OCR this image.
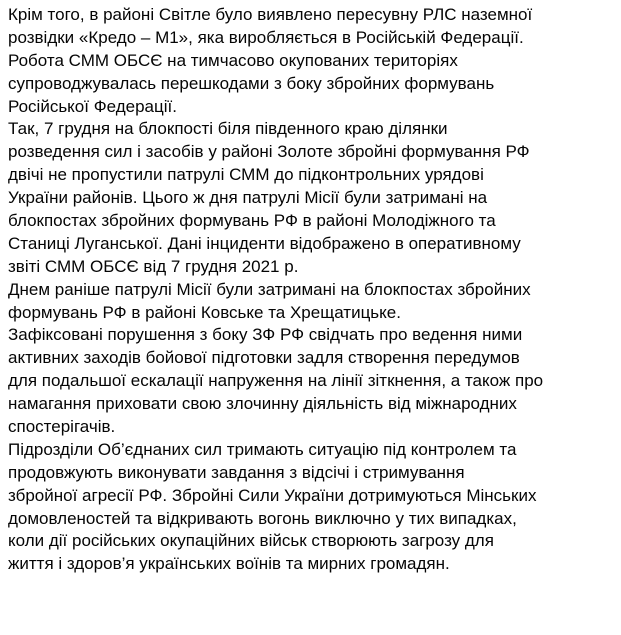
Крім того, в районі Світле було виявлено пересувну РЛС наземної
розвідки «Кредо – М1», яка виробляється в Російській Федерації.
Робота СММ ОБСЄ на тимчасово окупованих територіях
супроводжувалась перешкодами з боку збройних формувань
Російської Федерації.
Так, 7 грудня на блокпості біля південного краю ділянки
розведення сил і засобів у районі Золоте збройні формування РФ
двічі не пропустили патрулі СММ до підконтрольних урядові
України районів. Цього ж дня патрулі Місії були затримані на
блокпостах збройних формувань РФ в районі Молодіжного та
Станиці Луганської. Дані інциденти відображено в оперативному
звіті СММ ОБСЄ від 7 грудня 2021 р.
Днем раніше патрулі Місії були затримані на блокпостах збройних
формувань РФ в районі Ковське та Хрещатицьке.
Зафіксовані порушення з боку ЗФ РФ свідчать про ведення ними
активних заходів бойової підготовки задля створення передумов
для подальшої ескалації напруження на лінії зіткнення, а також про
намагання приховати свою злочинну діяльність від міжнародних
спостерігачів.
Підрозділи Об’єднаних сил тримають ситуацію під контролем та
продовжують виконувати завдання з відсічі і стримування
збройної агресії РФ. Збройні Сили України дотримуються Мінських
домовленостей та відкривають вогонь виключно у тих випадках,
коли дії російських окупаційних військ створюють загрозу для
життя і здоров’я українських воїнів та мирних громадян.
